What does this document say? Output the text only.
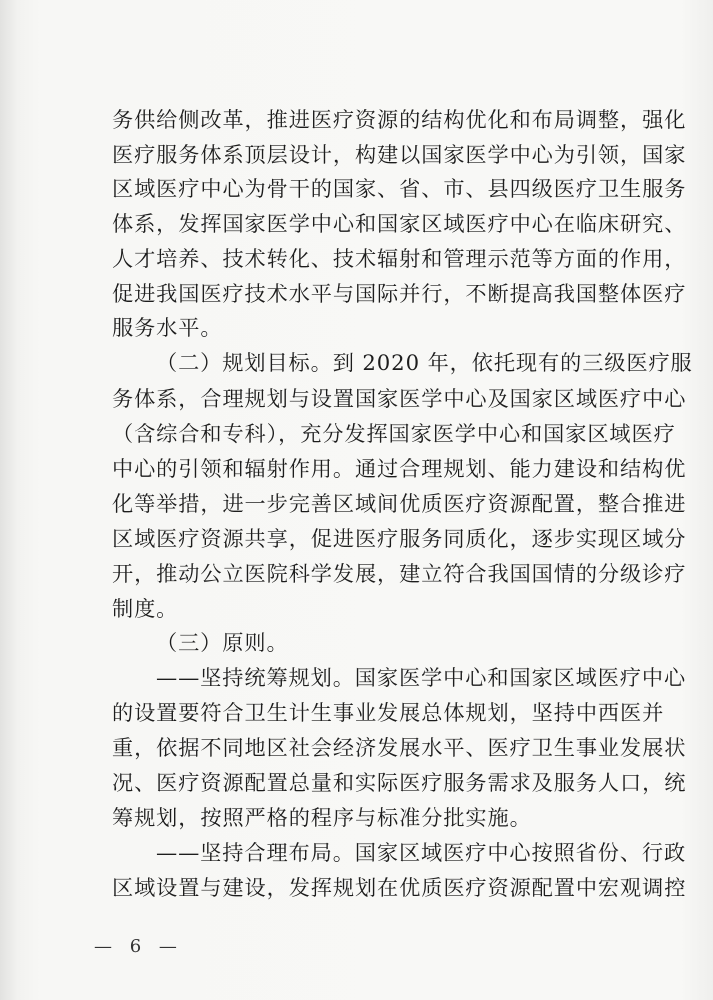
务供给侧改革，推进医疗资源的结构优化和布局调整，强化
医疗服务体系顶层设计，构建以国家医学中心为引领，国家
区域医疗中心为骨干的国家、省、市、县四级医疗卫生服务
体系，发挥国家医学中心和国家区域医疗中心在临床研究、
人才培养、技术转化、技术辐射和管理示范等方面的作用，
促进我国医疗技术水平与国际并行，不断提高我国整体医疗
服务水平。
（二）规划目标。到 2020 年，依托现有的三级医疗服
务体系，合理规划与设置国家医学中心及国家区域医疗中心
（含综合和专科），充分发挥国家医学中心和国家区域医疗
中心的引领和辐射作用。通过合理规划、能力建设和结构优
化等举措，进一步完善区域间优质医疗资源配置，整合推进
区域医疗资源共享，促进医疗服务同质化，逐步实现区域分
开，推动公立医院科学发展，建立符合我国国情的分级诊疗
制度。
（三）原则。
——坚持统筹规划。国家医学中心和国家区域医疗中心
的设置要符合卫生计生事业发展总体规划，坚持中西医并
重，依据不同地区社会经济发展水平、医疗卫生事业发展状
况、医疗资源配置总量和实际医疗服务需求及服务人口，统
筹规划，按照严格的程序与标准分批实施。
——坚持合理布局。国家区域医疗中心按照省份、行政
区域设置与建设，发挥规划在优质医疗资源配置中宏观调控
— 6 —
